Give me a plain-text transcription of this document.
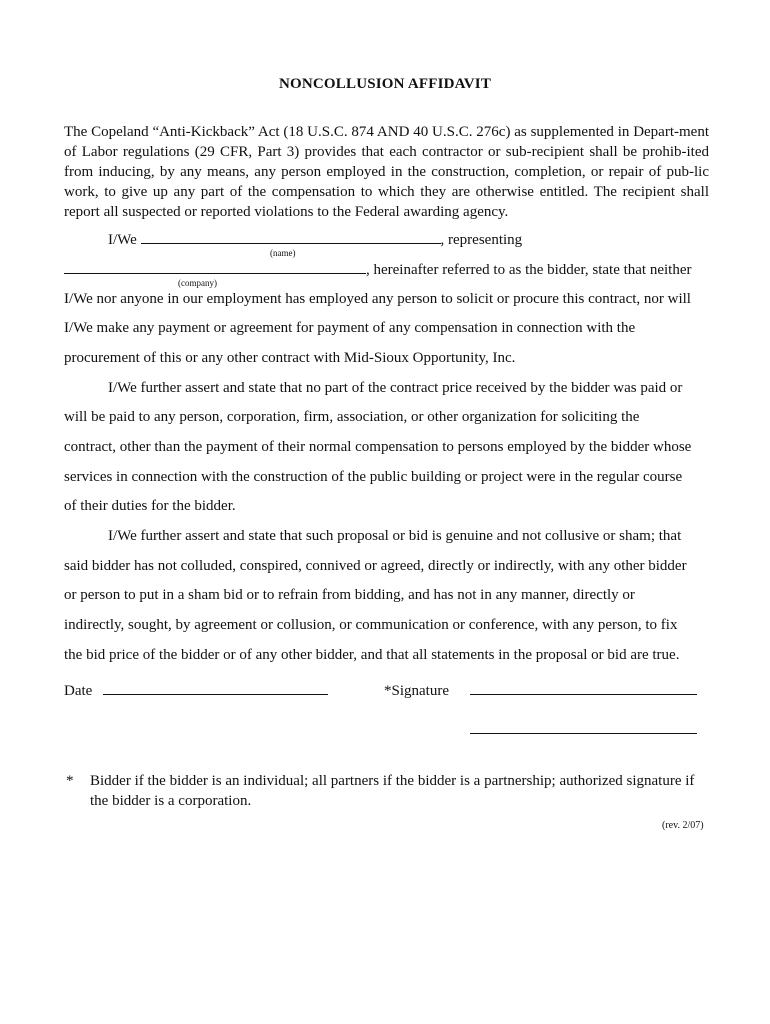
NONCOLLUSION AFFIDAVIT
The Copeland “Anti-Kickback” Act (18 U.S.C. 874 AND 40 U.S.C. 276c) as supplemented in Depart-ment of Labor regulations (29 CFR, Part 3) provides that each contractor or sub-recipient shall be prohib-ited from inducing, by any means, any person employed in the construction, completion, or repair of pub-lic work, to give up any part of the compensation to which they are otherwise entitled. The recipient shall report all suspected or reported violations to the Federal awarding agency.
I/We	, representing
(name)
, hereinafter referred to as the bidder, state that neither
(company)
I/We nor anyone in our employment has employed any person to solicit or procure this contract, nor will
I/We make any payment or agreement for payment of any compensation in connection with the
procurement of this or any other contract with Mid-Sioux Opportunity, Inc.
I/We further assert and state that no part of the contract price received by the bidder was paid or
will be paid to any person, corporation, firm, association, or other organization for soliciting the
contract, other than the payment of their normal compensation to persons employed by the bidder whose
services in connection with the construction of the public building or project were in the regular course
of their duties for the bidder.
I/We further assert and state that such proposal or bid is genuine and not collusive or sham; that
said bidder has not colluded, conspired, connived or agreed, directly or indirectly, with any other bidder
or person to put in a sham bid or to refrain from bidding, and has not in any manner, directly or
indirectly, sought, by agreement or collusion, or communication or conference, with any person, to fix
the bid price of the bidder or of any other bidder, and that all statements in the proposal or bid are true.
Date	*Signature
* Bidder if the bidder is an individual; all partners if the bidder is a partnership; authorized signature if the bidder is a corporation.
(rev. 2/07)
